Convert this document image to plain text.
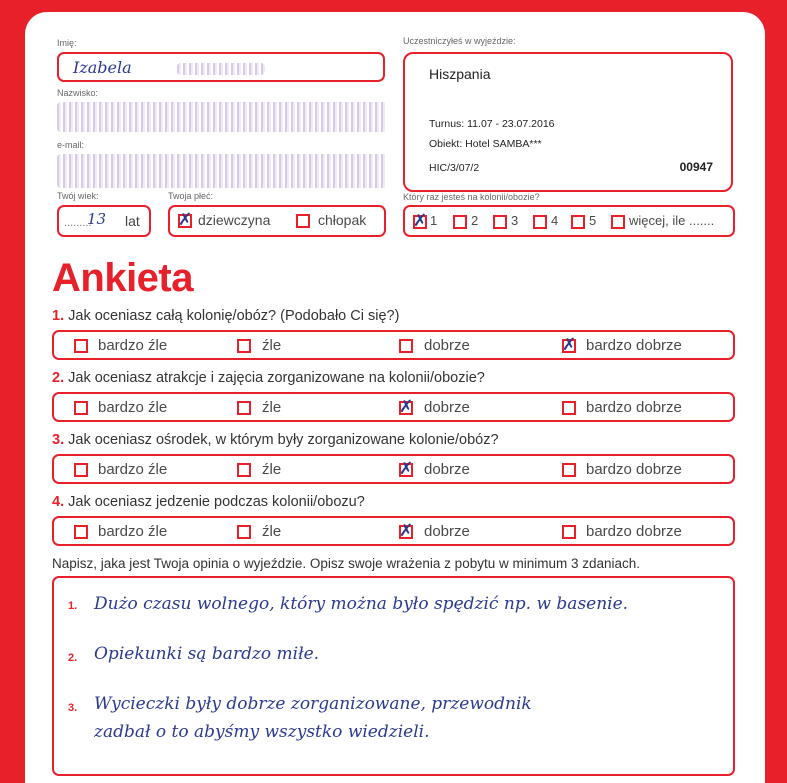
Imię:
Izabela
Nazwisko:
e-mail:
Twój wiek:
.........
13 lat
Twoja płeć:
✗ dziewczyna	chłopak
Uczestniczyłeś w wyjeździe:
Hiszpania
Turnus: 11.07 - 23.07.2016
Obiekt: Hotel SAMBA***
HIC/3/07/2	00947
Który raz jesteś na kolonii/obozie?
✗ 1	2	3	4 5	więcej, ile .......
Ankieta
1. Jak oceniasz całą kolonię/obóz? (Podobało Ci się?)
bardzo źle	źle	dobrze	✗ bardzo dobrze
2. Jak oceniasz atrakcje i zajęcia zorganizowane na kolonii/obozie?
bardzo źle	źle	✗ dobrze	bardzo dobrze
3. Jak oceniasz ośrodek, w którym były zorganizowane kolonie/obóz?
bardzo źle	źle	✗ dobrze	bardzo dobrze
4. Jak oceniasz jedzenie podczas kolonii/obozu?
bardzo źle	źle	✗ dobrze	bardzo dobrze
Napisz, jaka jest Twoja opinia o wyjeździe. Opisz swoje wrażenia z pobytu w minimum 3 zdaniach.
1. Dużo czasu wolnego, który można było spędzić np. w basenie.
2. Opiekunki są bardzo miłe.
3. Wycieczki były dobrze zorganizowane, przewodnik
zadbał o to abyśmy wszystko wiedzieli.
